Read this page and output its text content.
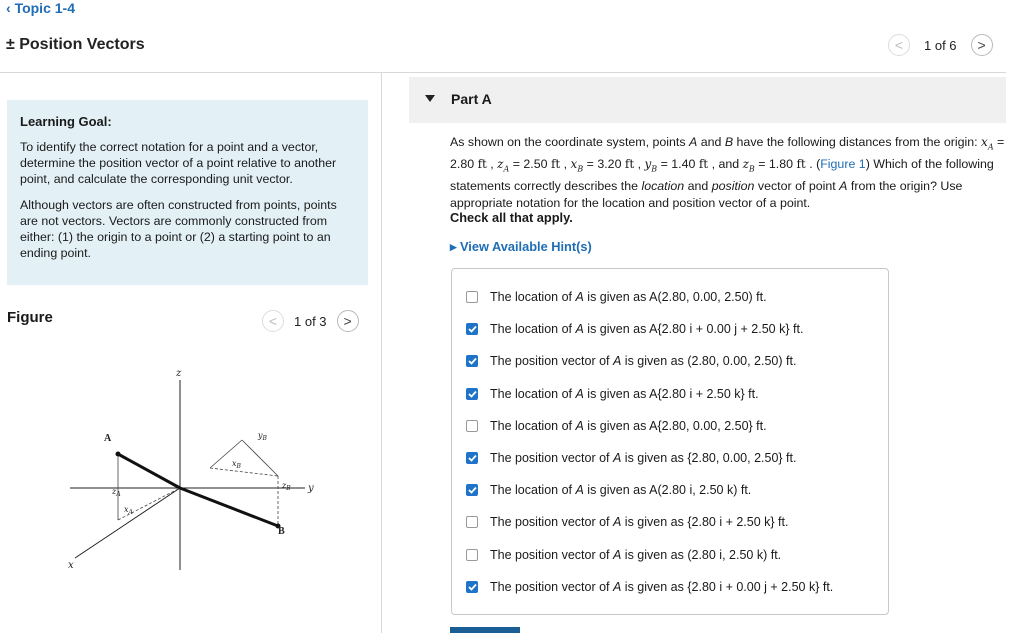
‹ Topic 1-4
± Position Vectors	< 1 of 6 >

Learning Goal:

To identify the correct notation for a point and a vector, determine the position vector of a point relative to another point, and calculate the corresponding unit vector.

Although vectors are often constructed from points, points are not vectors. Vectors are commonly constructed from either: (1) the origin to a point or (2) a starting point to an ending point.

Figure	< 1 of 3 >
z
y
x
A
B
$z_A$
$x_A$
$y_B$
$x_B$
$z_B$
Part A
As shown on the coordinate system, points A and B have the following distances from the origin: $x_A = 2.80$ ft , $z_A = 2.50$ ft , $x_B = 3.20$ ft , $y_B = 1.40$ ft , and $z_B = 1.80$ ft . (Figure 1) Which of the following statements correctly describes the location and position vector of point A from the origin? Use appropriate notation for the location and position vector of a point.
Check all that apply.
▸ View Available Hint(s)
The location of A is given as A(2.80, 0.00, 2.50) ft.
The location of A is given as A{2.80 i + 0.00 j + 2.50 k} ft.
The position vector of A is given as (2.80, 0.00, 2.50) ft.
The location of A is given as A{2.80 i + 2.50 k} ft.
The location of A is given as A{2.80, 0.00, 2.50} ft.
The position vector of A is given as {2.80, 0.00, 2.50} ft.
The location of A is given as A(2.80 i, 2.50 k) ft.
The position vector of A is given as {2.80 i + 2.50 k} ft.
The position vector of A is given as (2.80 i, 2.50 k) ft.
The position vector of A is given as {2.80 i + 0.00 j + 2.50 k} ft.
